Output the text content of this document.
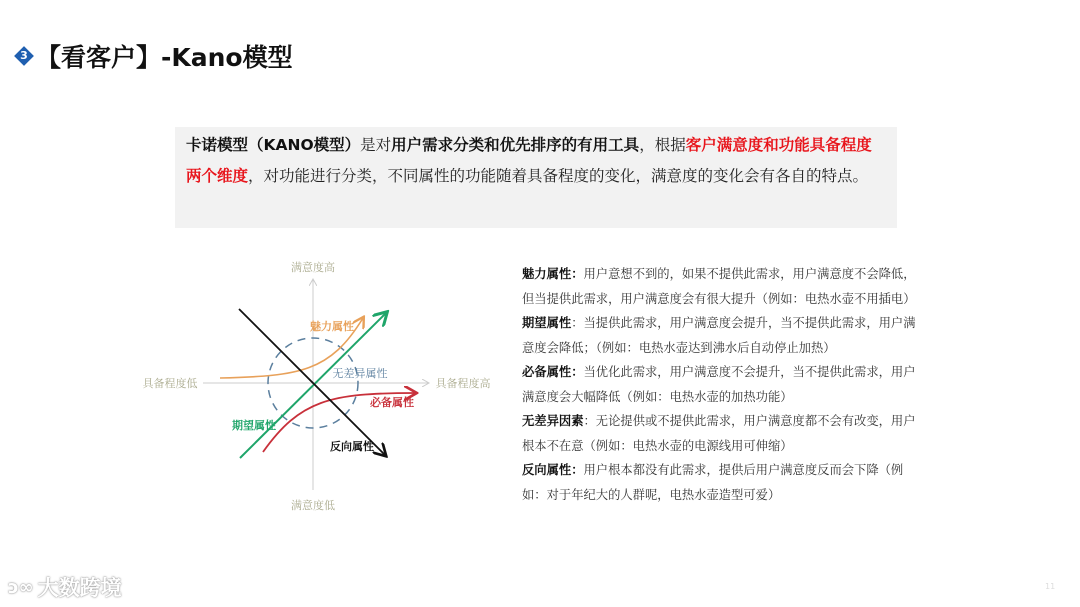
3 【看客户】-Kano模型
卡诺模型（KANO模型）是对用户需求分类和优先排序的有用工具，根据客户满意度和功能具备程度两个维度，对功能进行分类，不同属性的功能随着具备程度的变化，满意度的变化会有各自的特点。
满意度高
满意度低
具备程度低	具备程度高
魅力属性
无差异属性
必备属性
期望属性
反向属性
魅力属性：用户意想不到的，如果不提供此需求，用户满意度不会降低，但当提供此需求，用户满意度会有很大提升（例如：电热水壶不用插电）
期望属性：当提供此需求，用户满意度会提升，当不提供此需求，用户满意度会降低；（例如：电热水壶达到沸水后自动停止加热）
必备属性：当优化此需求，用户满意度不会提升，当不提供此需求，用户满意度会大幅降低（例如：电热水壶的加热功能）
无差异因素：无论提供或不提供此需求，用户满意度都不会有改变，用户根本不在意（例如：电热水壶的电源线用可伸缩）
反向属性：用户根本都没有此需求，提供后用户满意度反而会下降（例如：对于年纪大的人群呢，电热水壶造型可爱）
ↄ∞ 大数跨境	11
